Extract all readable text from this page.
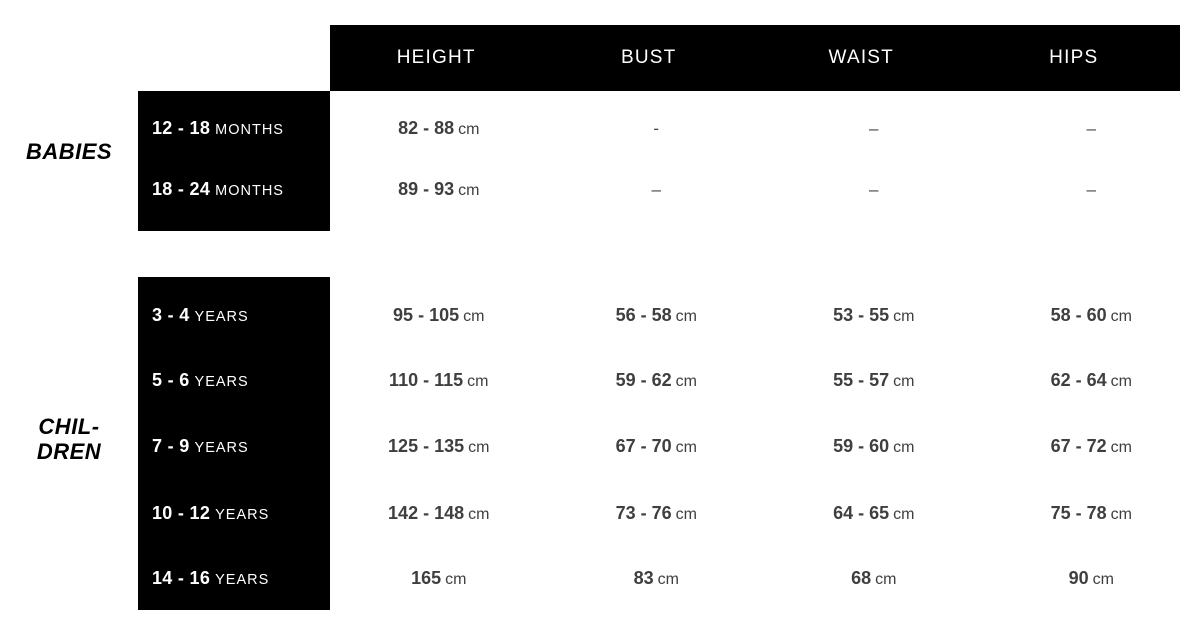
HEIGHT	BUST	WAIST	HIPS
BABIES
CHIL-
DREN
12 - 18 MONTHS	82 - 88 cm	-	–	–
18 - 24 MONTHS	89 - 93 cm	–	–	–
3 - 4 YEARS	95 - 105 cm	56 - 58 cm	53 - 55 cm	58 - 60 cm
5 - 6 YEARS	110 - 115 cm	59 - 62 cm	55 - 57 cm	62 - 64 cm
7 - 9 YEARS	125 - 135 cm	67 - 70 cm	59 - 60 cm	67 - 72 cm
10 - 12 YEARS	142 - 148 cm	73 - 76 cm	64 - 65 cm	75 - 78 cm
14 - 16 YEARS	165 cm	83 cm	68 cm	90 cm
